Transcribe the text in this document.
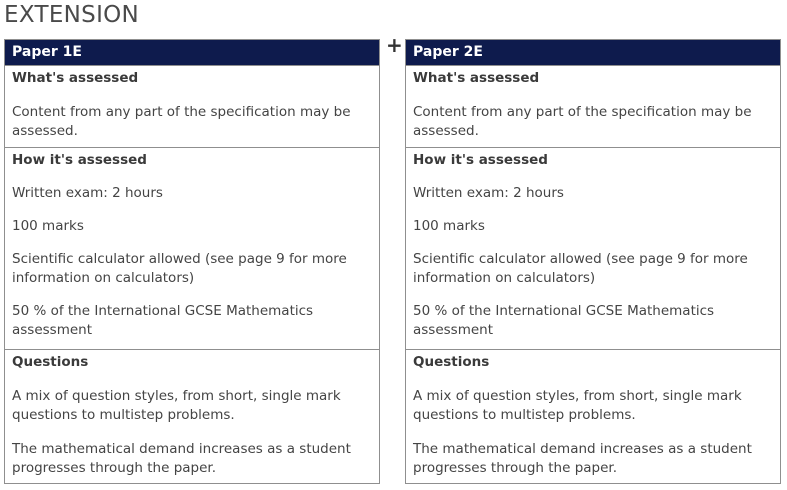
EXTENSION
+
Paper 1E
What's assessed
Content from any part of the specification may be assessed.
How it's assessed
Written exam: 2 hours
100 marks
Scientific calculator allowed (see page 9 for more information on calculators)
50 % of the International GCSE Mathematics assessment
Questions
A mix of question styles, from short, single mark questions to multistep problems.
The mathematical demand increases as a student progresses through the paper.
Paper 2E
What's assessed
Content from any part of the specification may be assessed.
How it's assessed
Written exam: 2 hours
100 marks
Scientific calculator allowed (see page 9 for more information on calculators)
50 % of the International GCSE Mathematics assessment
Questions
A mix of question styles, from short, single mark questions to multistep problems.
The mathematical demand increases as a student progresses through the paper.
